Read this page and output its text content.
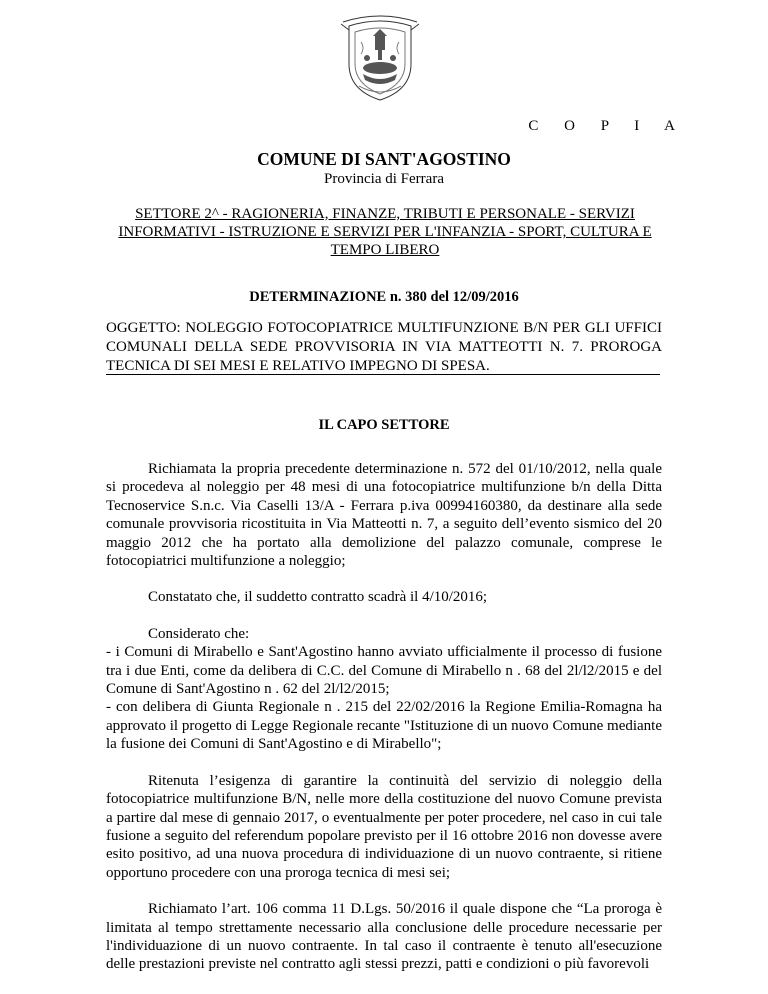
C O P I A
COMUNE DI SANT'AGOSTINO
Provincia di Ferrara
SETTORE 2^ - RAGIONERIA, FINANZE, TRIBUTI E PERSONALE - SERVIZI INFORMATIVI - ISTRUZIONE E SERVIZI PER L'INFANZIA - SPORT, CULTURA E TEMPO LIBERO
DETERMINAZIONE n. 380 del 12/09/2016
OGGETTO: NOLEGGIO FOTOCOPIATRICE MULTIFUNZIONE B/N PER GLI UFFICI COMUNALI DELLA SEDE PROVVISORIA IN VIA MATTEOTTI N. 7. PROROGA TECNICA DI SEI MESI E RELATIVO IMPEGNO DI SPESA.
IL CAPO SETTORE

Richiamata la propria precedente determinazione n. 572 del 01/10/2012, nella quale si procedeva al noleggio per 48 mesi di una fotocopiatrice multifunzione b/n della Ditta Tecnoservice S.n.c. Via Caselli 13/A - Ferrara p.iva 00994160380, da destinare alla sede comunale provvisoria ricostituita in Via Matteotti n. 7, a seguito dell’evento sismico del 20 maggio 2012 che ha portato alla demolizione del palazzo comunale, comprese le fotocopiatrici multifunzione a noleggio;

Constatato che, il suddetto contratto scadrà il 4/10/2016;

Considerato che:

- i Comuni di Mirabello e Sant'Agostino hanno avviato ufficialmente il processo di fusione tra i due Enti, come da delibera di C.C. del Comune di Mirabello n . 68 del 2l/l2/2015 e del Comune di Sant'Agostino n . 62 del 2l/l2/2015;

- con delibera di Giunta Regionale n . 215 del 22/02/2016 la Regione Emilia-Romagna ha approvato il progetto di Legge Regionale recante "Istituzione di un nuovo Comune mediante la fusione dei Comuni di Sant'Agostino e di Mirabello";

Ritenuta l’esigenza di garantire la continuità del servizio di noleggio della fotocopiatrice multifunzione B/N, nelle more della costituzione del nuovo Comune prevista a partire dal mese di gennaio 2017, o eventualmente per poter procedere, nel caso in cui tale fusione a seguito del referendum popolare previsto per il 16 ottobre 2016 non dovesse avere esito positivo, ad una nuova procedura di individuazione di un nuovo contraente, si ritiene opportuno procedere con una proroga tecnica di mesi sei;

Richiamato l’art. 106 comma 11 D.Lgs. 50/2016 il quale dispone che “La proroga è limitata al tempo strettamente necessario alla conclusione delle procedure necessarie per l'individuazione di un nuovo contraente. In tal caso il contraente è tenuto all'esecuzione delle prestazioni previste nel contratto agli stessi prezzi, patti e condizioni o più favorevoli
